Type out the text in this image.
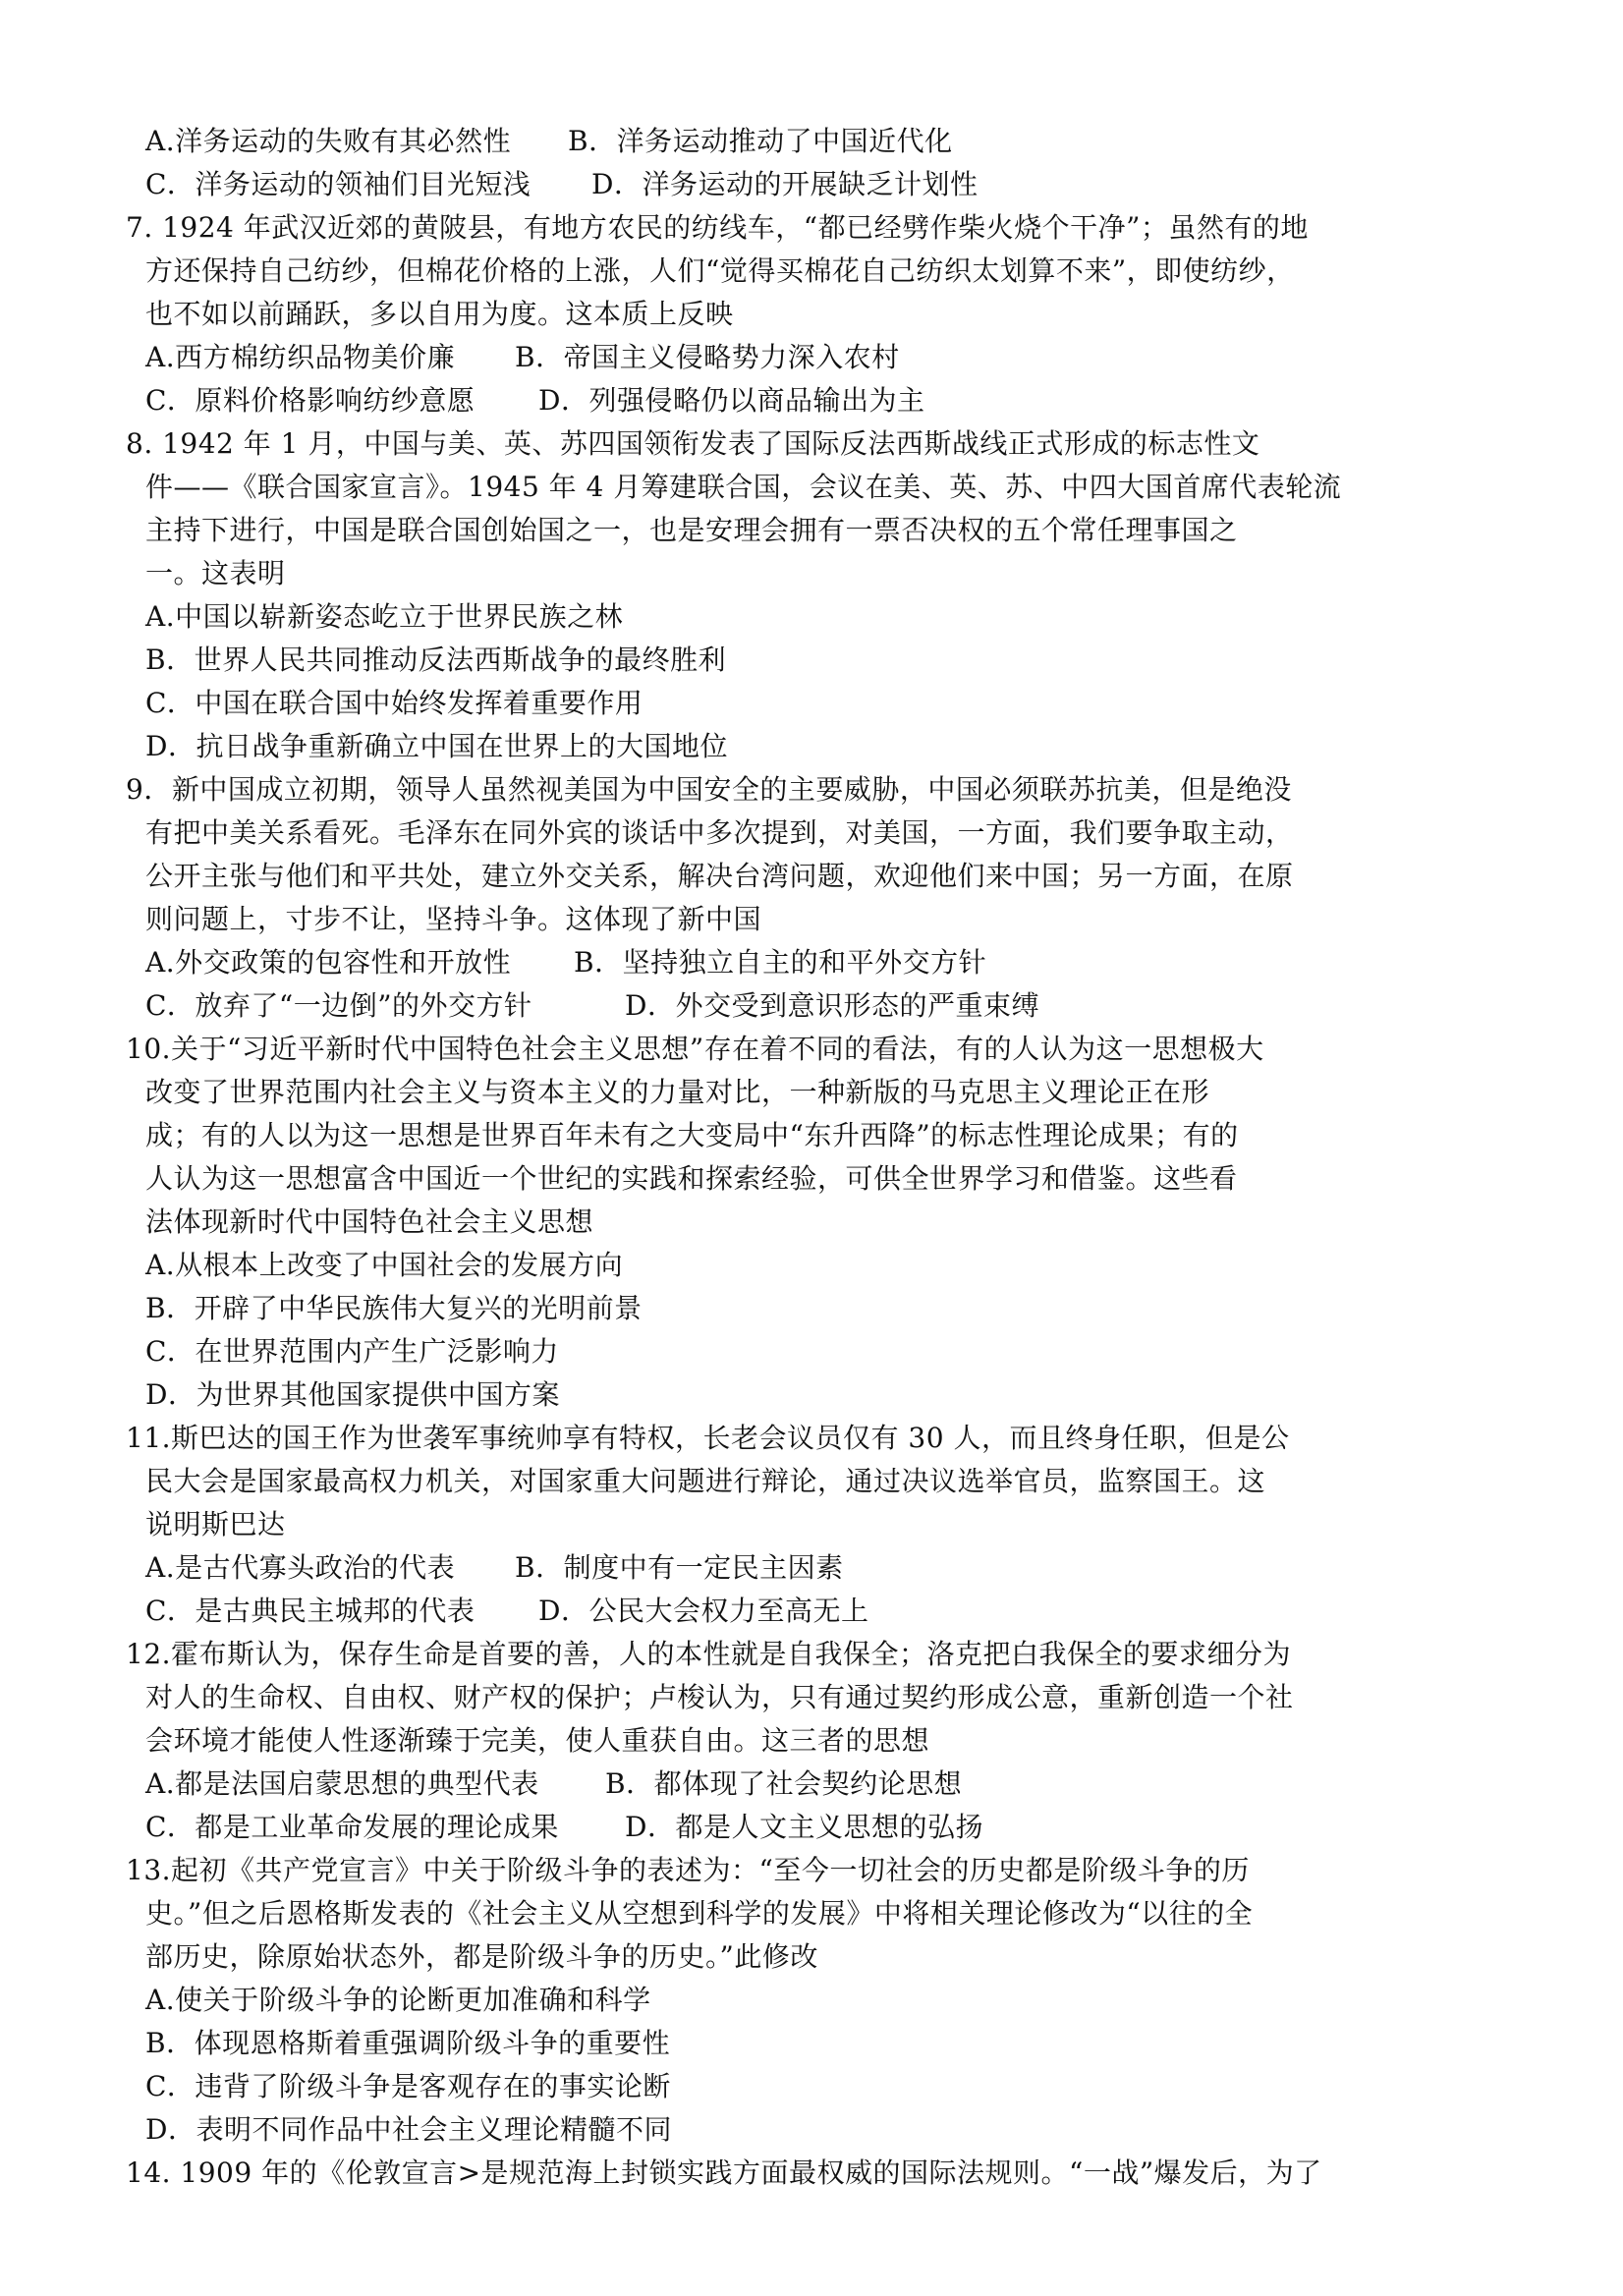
A.洋务运动的失败有其必然性 B．洋务运动推动了中国近代化
C．洋务运动的领袖们目光短浅 D．洋务运动的开展缺乏计划性
7. 1924 年武汉近郊的黄陂县，有地方农民的纺线车，“都已经劈作柴火烧个干净”；虽然有的地
方还保持自己纺纱，但棉花价格的上涨，人们“觉得买棉花自己纺织太划算不来”，即使纺纱，
也不如以前踊跃，多以自用为度。这本质上反映
A.西方棉纺织品物美价廉 B．帝国主义侵略势力深入农村
C．原料价格影响纺纱意愿 D．列强侵略仍以商品输出为主
8. 1942 年 1 月，中国与美、英、苏四国领衔发表了国际反法西斯战线正式形成的标志性文
件——《联合国家宣言》。1945 年 4 月筹建联合国，会议在美、英、苏、中四大国首席代表轮流
主持下进行，中国是联合国创始国之一，也是安理会拥有一票否决权的五个常任理事国之
一。这表明
A.中国以崭新姿态屹立于世界民族之林
B．世界人民共同推动反法西斯战争的最终胜利
C．中国在联合国中始终发挥着重要作用
D．抗日战争重新确立中国在世界上的大国地位
9．新中国成立初期，领导人虽然视美国为中国安全的主要威胁，中国必须联苏抗美，但是绝没
有把中美关系看死。毛泽东在同外宾的谈话中多次提到，对美国，一方面，我们要争取主动，
公开主张与他们和平共处，建立外交关系，解决台湾问题，欢迎他们来中国；另一方面，在原
则问题上，寸步不让，坚持斗争。这体现了新中国
A.外交政策的包容性和开放性 B．坚持独立自主的和平外交方针
C．放弃了“一边倒”的外交方针	D．外交受到意识形态的严重束缚
10.关于“习近平新时代中国特色社会主义思想”存在着不同的看法，有的人认为这一思想极大
改变了世界范围内社会主义与资本主义的力量对比，一种新版的马克思主义理论正在形
成；有的人以为这一思想是世界百年未有之大变局中“东升西降”的标志性理论成果；有的
人认为这一思想富含中国近一个世纪的实践和探索经验，可供全世界学习和借鉴。这些看
法体现新时代中国特色社会主义思想
A.从根本上改变了中国社会的发展方向
B．开辟了中华民族伟大复兴的光明前景
C．在世界范围内产生广泛影响力
D．为世界其他国家提供中国方案
11.斯巴达的国王作为世袭军事统帅享有特权，长老会议员仅有 30 人，而且终身任职，但是公
民大会是国家最高权力机关，对国家重大问题进行辩论，通过决议选举官员，监察国王。这
说明斯巴达
A.是古代寡头政治的代表 B．制度中有一定民主因素
C．是古典民主城邦的代表 D．公民大会权力至高无上
12.霍布斯认为，保存生命是首要的善，人的本性就是自我保全；洛克把白我保全的要求细分为
对人的生命权、自由权、财产权的保护；卢梭认为，只有通过契约形成公意，重新创造一个社
会环境才能使人性逐渐臻于完美，使人重获自由。这三者的思想
A.都是法国启蒙思想的典型代表 B．都体现了社会契约论思想
C．都是工业革命发展的理论成果 D．都是人文主义思想的弘扬
13.起初《共产党宣言》中关于阶级斗争的表述为：“至今一切社会的历史都是阶级斗争的历
史。”但之后恩格斯发表的《社会主义从空想到科学的发展》中将相关理论修改为“以往的全
部历史，除原始状态外，都是阶级斗争的历史。”此修改
A.使关于阶级斗争的论断更加准确和科学
B．体现恩格斯着重强调阶级斗争的重要性
C．违背了阶级斗争是客观存在的事实论断
D．表明不同作品中社会主义理论精髓不同
14. 1909 年的《伦敦宣言>是规范海上封锁实践方面最权威的国际法规则。“一战”爆发后，为了
